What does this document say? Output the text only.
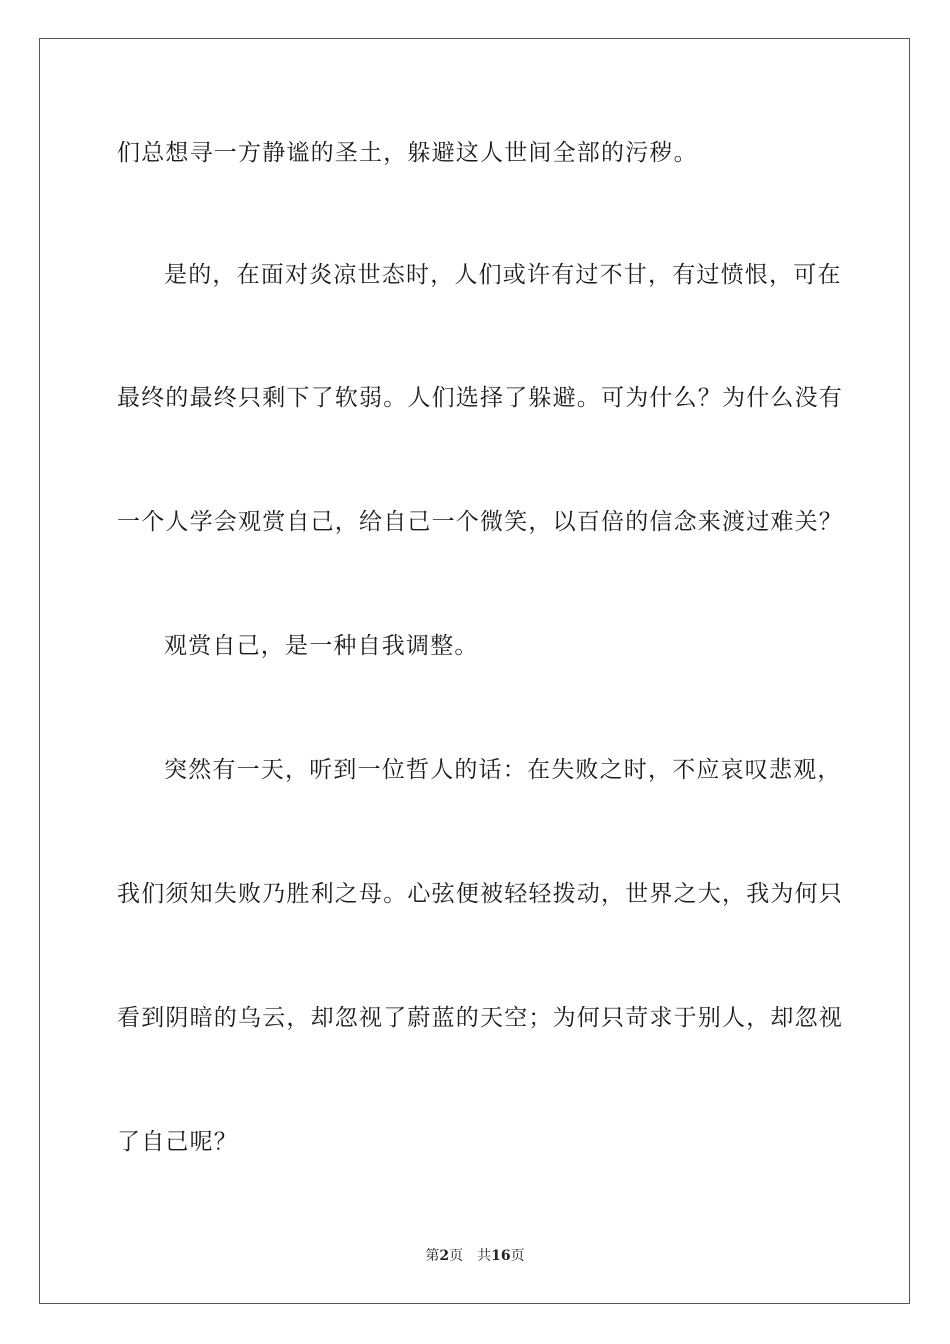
们总想寻一方静谧的圣土，躲避这人世间全部的污秽。
是的，在面对炎凉世态时，人们或许有过不甘，有过愤恨，可在
最终的最终只剩下了软弱。人们选择了躲避。可为什么？为什么没有
一个人学会观赏自己，给自己一个微笑，以百倍的信念来渡过难关？
观赏自己，是一种自我调整。
突然有一天，听到一位哲人的话：在失败之时，不应哀叹悲观，
我们须知失败乃胜利之母。心弦便被轻轻拨动，世界之大，我为何只
看到阴暗的乌云，却忽视了蔚蓝的天空；为何只苛求于别人，却忽视
了自己呢？
第2页 共16页
